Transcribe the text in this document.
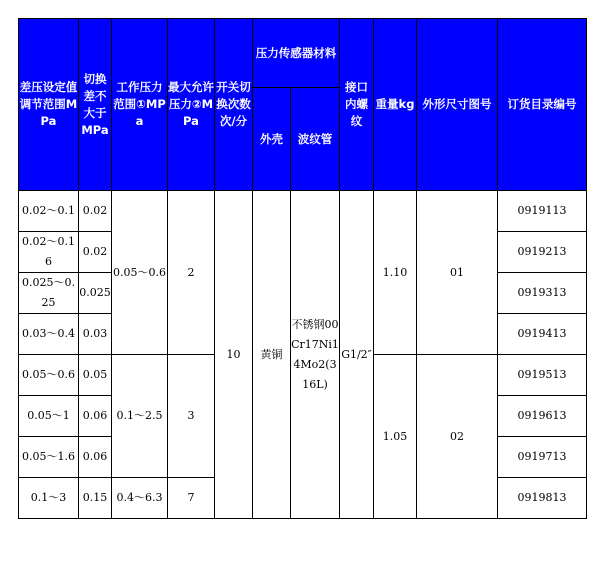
差压设定值调节范围MPa	切换差不大于MPa	工作压力范围①MPa	最大允许压力②MPa	开关切换次数次/分	压力传感器材料		接口内螺纹	重量kg	外形尺寸图号	订货目录编号
					外壳	波纹管				
0.02～0.1	0.02	0.05～0.6	2	10	黄铜	不锈钢00Cr17Ni14Mo2(316L)	G1/2″	1.10	01	0919113
0.02～0.16	0.02									0919213
0.025～0.25	0.025									0919313
0.03～0.4	0.03									0919413
0.05～0.6	0.05	0.1～2.5	3					1.05	02	0919513
0.05～1	0.06									0919613
0.05～1.6	0.06									0919713
0.1～3	0.15	0.4～6.3	7							0919813
